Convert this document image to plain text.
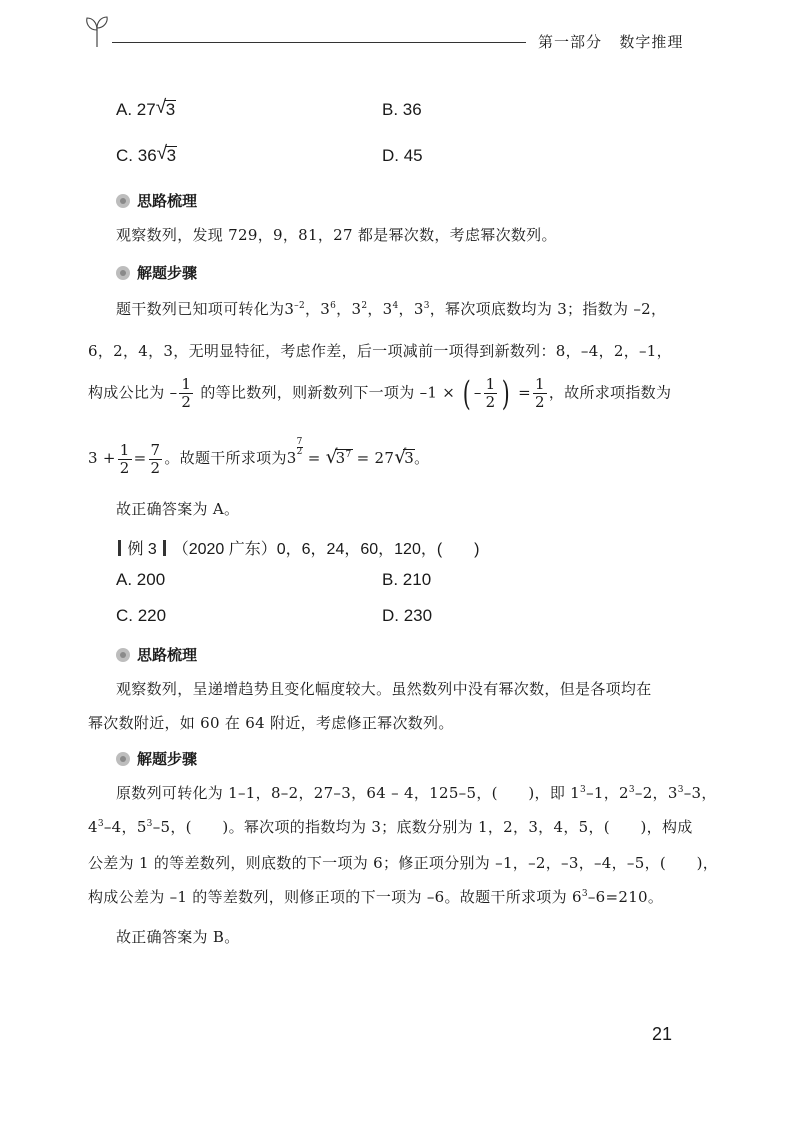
第一部分 数字推理
A. 27√ 3	B. 36
C. 36√ 3	D. 45
思路梳理
观察数列，发现 729，9，81，27 都是幂次数，考虑幂次数列。
解题步骤
题干数列已知项可转化为$3^{-2}$，$3^6$，$3^2$，$3^4$，$3^3$，幂次项底数均为 3；指数为 –2，
6，2，4，3，无明显特征，考虑作差，后一项减前一项得到新数列：8，–4，2，–1，
构成公比为 – $\frac{1}{2}$ 的等比数列，则新数列下一项为 –1 × ( – $\frac{1}{2}$ ) = $\frac{1}{2}$ ，故所求项指数为
$3 + \frac{1}{2} = \frac{7}{2}$ 。故题干所求项为3
$\frac{7}{2}$ = √ $3^7 = 27√$ 3。
故正确答案为 A。
例 3 （2020 广东）0，6，24，60，120，(　　)
A. 200	B. 210
C. 220	D. 230
思路梳理
观察数列，呈递增趋势且变化幅度较大。虽然数列中没有幂次数，但是各项均在
幂次数附近，如 60 在 64 附近，考虑修正幂次数列。
解题步骤
原数列可转化为 1–1，8–2，27–3，64 – 4，125–5，(　　)，即 $1^3-1$，$2^3-2$，$3^3-3$，
$4^3-4$，$5^3-5$，(　　)。幂次项的指数均为 3；底数分别为 1，2，3，4，5，(　　)，构成
公差为 1 的等差数列，则底数的下一项为 6；修正项分别为 –1，–2，–3，–4，–5，(　　)，
构成公差为 –1 的等差数列，则修正项的下一项为 –6。故题干所求项为 $6^3-6=210$。
故正确答案为 B。
21
